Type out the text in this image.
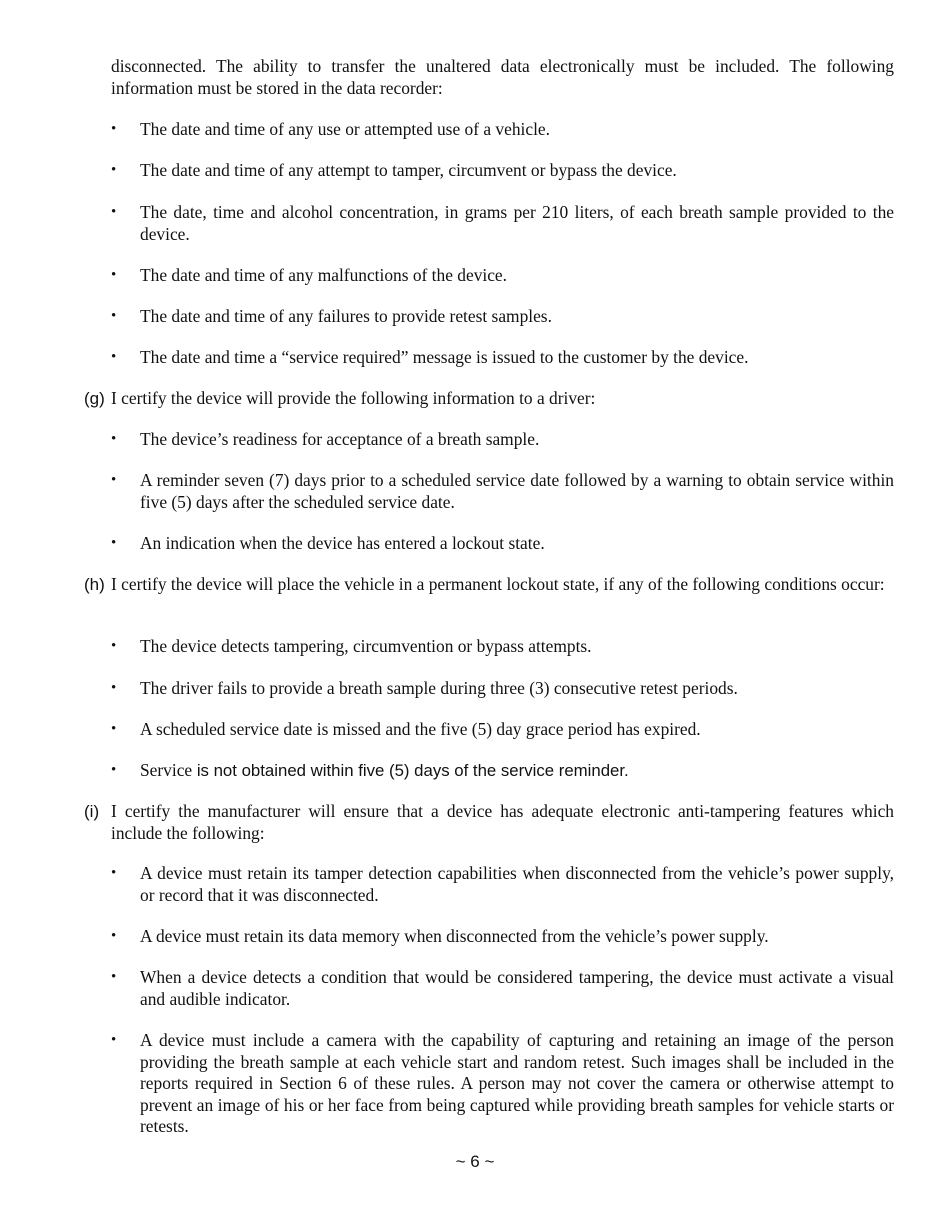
disconnected. The ability to transfer the unaltered data electronically must be included. The following information must be stored in the data recorder:
•	The date and time of any use or attempted use of a vehicle.
•	The date and time of any attempt to tamper, circumvent or bypass the device.
•	The date, time and alcohol concentration, in grams per 210 liters, of each breath sample provided to the device.
•	The date and time of any malfunctions of the device.
•	The date and time of any failures to provide retest samples.
•	The date and time a “service required” message is issued to the customer by the device.
(g) I certify the device will provide the following information to a driver:
•	The device’s readiness for acceptance of a breath sample.
•	A reminder seven (7) days prior to a scheduled service date followed by a warning to obtain service within five (5) days after the scheduled service date.
•	An indication when the device has entered a lockout state.
(h) I certify the device will place the vehicle in a permanent lockout state, if any of the following conditions occur:
•	The device detects tampering, circumvention or bypass attempts.
•	The driver fails to provide a breath sample during three (3) consecutive retest periods.
•	A scheduled service date is missed and the five (5) day grace period has expired.
•	Service is not obtained within five (5) days of the service reminder.
(i) I certify the manufacturer will ensure that a device has adequate electronic anti-tampering features which include the following:
•	A device must retain its tamper detection capabilities when disconnected from the vehicle’s power supply, or record that it was disconnected.
•	A device must retain its data memory when disconnected from the vehicle’s power supply.
•	When a device detects a condition that would be considered tampering, the device must activate a visual and audible indicator.
•	A device must include a camera with the capability of capturing and retaining an image of the person providing the breath sample at each vehicle start and random retest. Such images shall be included in the reports required in Section 6 of these rules. A person may not cover the camera or otherwise attempt to prevent an image of his or her face from being captured while providing breath samples for vehicle starts or retests.
~ 6 ~
